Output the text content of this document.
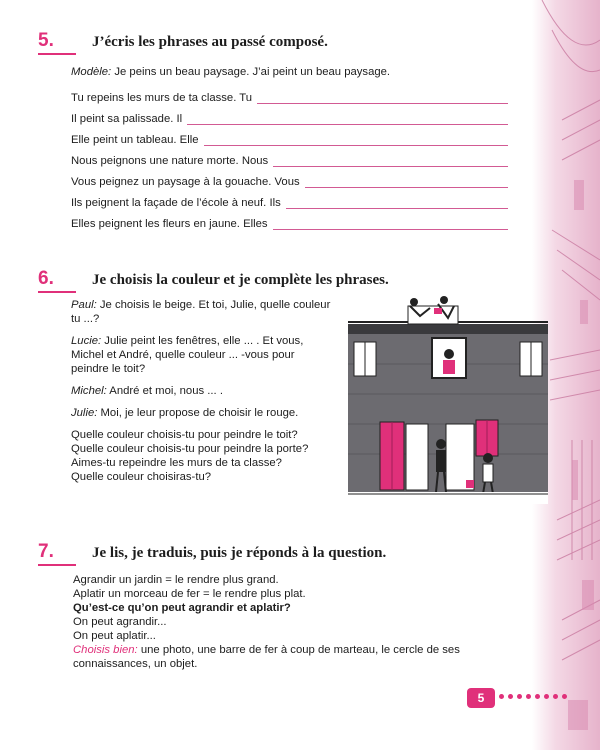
5.	J’écris les phrases au passé composé.

Modèle: Je peins un beau paysage. J’ai peint un beau paysage.

Tu repeins les murs de ta classe. Tu
Il peint sa palissade. Il
Elle peint un tableau. Elle
Nous peignons une nature morte. Nous
Vous peignez un paysage à la gouache. Vous
Ils peignent la façade de l’école à neuf. Ils
Elles peignent les fleurs en jaune. Elles
6.	Je choisis la couleur et je complète les phrases.

Paul: Je choisis le beige. Et toi, Julie, quelle couleur tu ...?

Lucie: Julie peint les fenêtres, elle ... . Et vous, Michel et André, quelle couleur ... -vous pour peindre le toit?

Michel: André et moi, nous ... .

Julie: Moi, je leur propose de choisir le rouge.

Quelle couleur choisis-tu pour peindre le toit?

Quelle couleur choisis-tu pour peindre la porte?

Aimes-tu repeindre les murs de ta classe?

Quelle couleur choisiras-tu?

7.	Je lis, je traduis, puis je réponds à la question.

Agrandir un jardin = le rendre plus grand.

Aplatir un morceau de fer = le rendre plus plat.

Qu’est-ce qu’on peut agrandir et aplatir?

On peut agrandir...

On peut aplatir...

Choisis bien: une photo, une barre de fer à coup de marteau, le cercle de ses connaissances, un objet.

5
